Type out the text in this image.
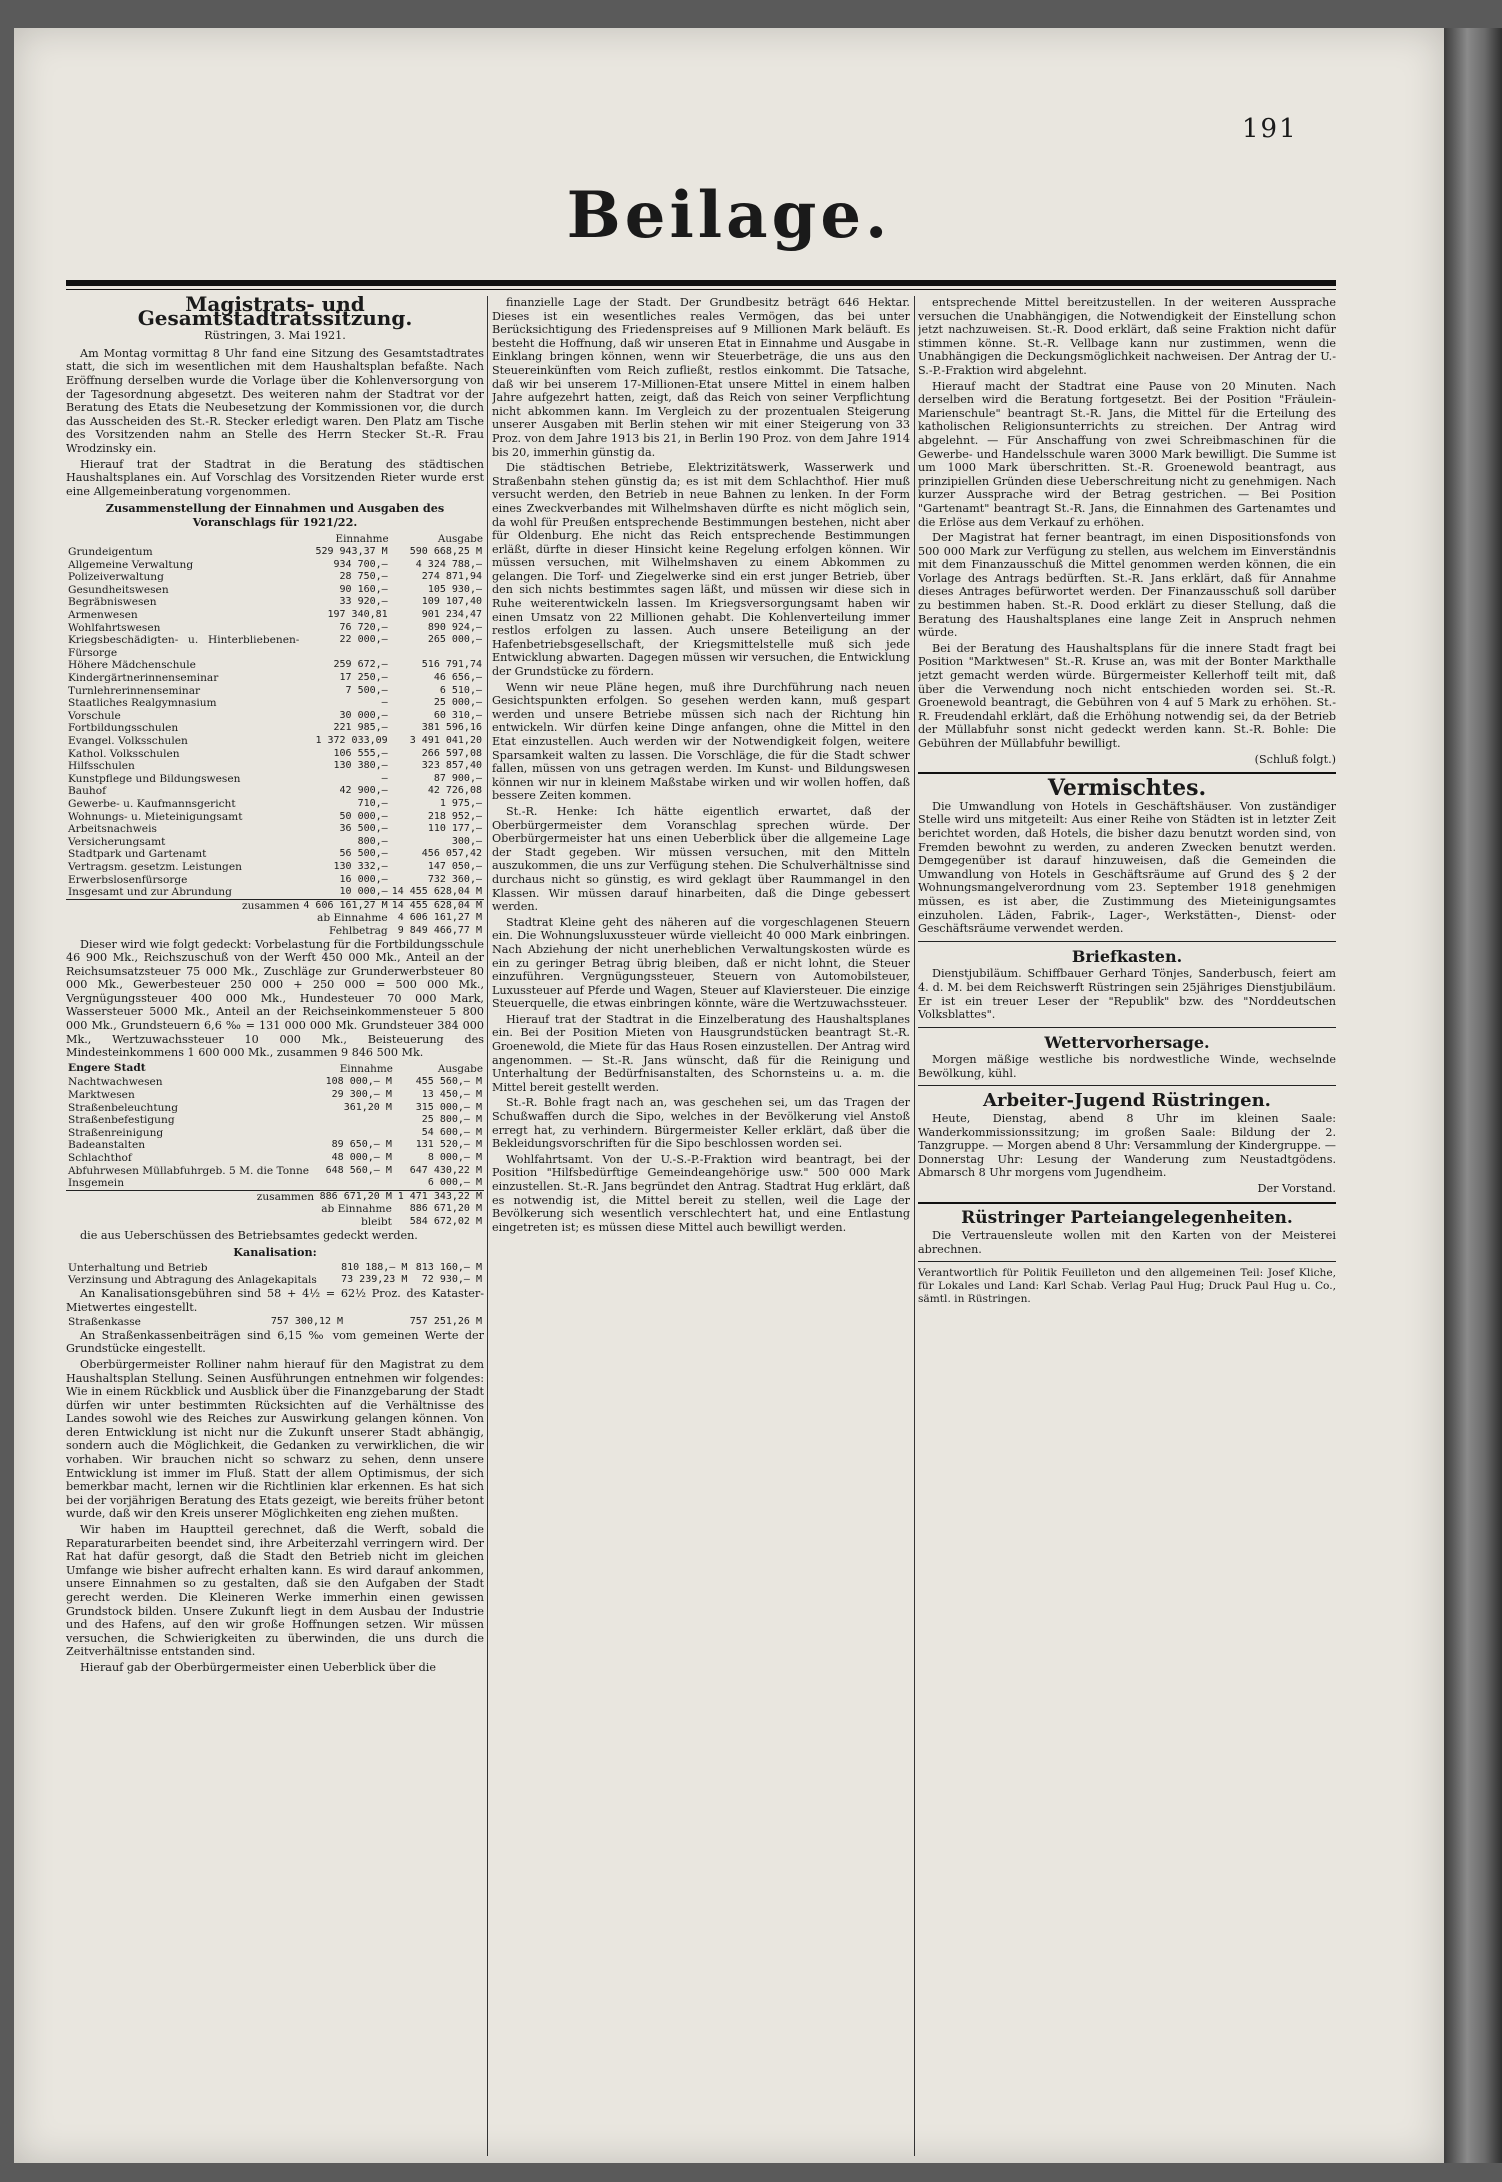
191
Beilage.
Magistrats- und Gesamtstadtratssitzung.
Rüstringen, 3. Mai 1921.

Am Montag vormittag 8 Uhr fand eine Sitzung des Gesamtstadtrates statt, die sich im wesentlichen mit dem Haushaltsplan befaßte. Nach Eröffnung derselben wurde die Vorlage über die Kohlenversorgung von der Tagesordnung abgesetzt. Des weiteren nahm der Stadtrat vor der Beratung des Etats die Neubesetzung der Kommissionen vor, die durch das Ausscheiden des St.-R. Stecker erledigt waren. Den Platz am Tische des Vorsitzenden nahm an Stelle des Herrn Stecker St.-R. Frau Wrodzinsky ein.

Hierauf trat der Stadtrat in die Beratung des städtischen Haushaltsplanes ein. Auf Vorschlag des Vorsitzenden Rieter wurde erst eine Allgemeinberatung vorgenommen.

Zusammenstellung der Einnahmen und Ausgaben des Voranschlags für 1921/22.
	Einnahme	Ausgabe
Grundeigentum	529 943,37 M	590 668,25 M
Allgemeine Verwaltung	934 700,—	4 324 788,—
Polizeiverwaltung	28 750,—	274 871,94
Gesundheitswesen	90 160,—	105 930,—
Begräbniswesen	33 920,—	109 107,40
Armenwesen	197 340,81	901 234,47
Wohlfahrtswesen	76 720,—	890 924,—
Kriegsbeschädigten- u. Hinterbliebenen-Fürsorge	22 000,—	265 000,—
Höhere Mädchenschule	259 672,—	516 791,74
Kindergärtnerinnenseminar	17 250,—	46 656,—
Turnlehrerinnenseminar	7 500,—	6 510,—
Staatliches Realgymnasium	—	25 000,—
Vorschule	30 000,—	60 310,—
Fortbildungsschulen	221 985,—	381 596,16
Evangel. Volksschulen	1 372 033,09	3 491 041,20
Kathol. Volksschulen	106 555,—	266 597,08
Hilfsschulen	130 380,—	323 857,40
Kunstpflege und Bildungswesen	—	87 900,—
Bauhof	42 900,—	42 726,08
Gewerbe- u. Kaufmannsgericht	710,—	1 975,—
Wohnungs- u. Mieteinigungsamt	50 000,—	218 952,—
Arbeitsnachweis	36 500,—	110 177,—
Versicherungsamt	800,—	300,—
Stadtpark und Gartenamt	56 500,—	456 057,42
Vertragsm. gesetzm. Leistungen	130 332,—	147 050,—
Erwerbslosenfürsorge	16 000,—	732 360,—
Insgesamt und zur Abrundung	10 000,—	14 455 628,04 M
zusammen	4 606 161,27 M	14 455 628,04 M
	ab Einnahme	4 606 161,27 M
	Fehlbetrag	9 849 466,77 M

Dieser wird wie folgt gedeckt: Vorbelastung für die Fortbildungsschule 46 900 Mk., Reichszuschuß von der Werft 450 000 Mk., Anteil an der Reichsumsatzsteuer 75 000 Mk., Zuschläge zur Grunderwerbsteuer 80 000 Mk., Gewerbesteuer 250 000 + 250 000 = 500 000 Mk., Vergnügungssteuer 400 000 Mk., Hundesteuer 70 000 Mark, Wassersteuer 5000 Mk., Anteil an der Reichseinkommensteuer 5 800 000 Mk., Grundsteuern 6,6 ‰ = 131 000 000 Mk. Grundsteuer 384 000 Mk., Wertzuwachssteuer 10 000 Mk., Beisteuerung des Mindesteinkommens 1 600 000 Mk., zusammen 9 846 500 Mk.

Engere Stadt	Einnahme	Ausgabe
Nachtwachwesen	108 000,— M	455 560,— M
Marktwesen	29 300,— M	13 450,— M
Straßenbeleuchtung	361,20 M	315 000,— M
Straßenbefestigung		25 800,— M
Straßenreinigung		54 600,— M
Badeanstalten	89 650,— M	131 520,— M
Schlachthof	48 000,— M	8 000,— M
Abfuhrwesen Müllabfuhrgeb. 5 M. die Tonne	648 560,— M	647 430,22 M
Insgemein		6 000,— M
zusammen	886 671,20 M	1 471 343,22 M
	ab Einnahme	886 671,20 M
	bleibt	584 672,02 M

die aus Ueberschüssen des Betriebsamtes gedeckt werden.

Kanalisation:
Unterhaltung und Betrieb	810 188,— M	813 160,— M
Verzinsung und Abtragung des Anlagekapitals	73 239,23 M	72 930,— M

An Kanalisationsgebühren sind 58 + 4½ = 62½ Proz. des Kataster-Mietwertes eingestellt.

Straßenkasse	757 300,12 M	757 251,26 M

An Straßenkassenbeiträgen sind 6,15 ‰ vom gemeinen Werte der Grundstücke eingestellt.

Oberbürgermeister Rolliner nahm hierauf für den Magistrat zu dem Haushaltsplan Stellung. Seinen Ausführungen entnehmen wir folgendes: Wie in einem Rückblick und Ausblick über die Finanzgebarung der Stadt dürfen wir unter bestimmten Rücksichten auf die Verhältnisse des Landes sowohl wie des Reiches zur Auswirkung gelangen können. Von deren Entwicklung ist nicht nur die Zukunft unserer Stadt abhängig, sondern auch die Möglichkeit, die Gedanken zu verwirklichen, die wir vorhaben. Wir brauchen nicht so schwarz zu sehen, denn unsere Entwicklung ist immer im Fluß. Statt der allem Optimismus, der sich bemerkbar macht, lernen wir die Richtlinien klar erkennen. Es hat sich bei der vorjährigen Beratung des Etats gezeigt, wie bereits früher betont wurde, daß wir den Kreis unserer Möglichkeiten eng ziehen mußten.

Wir haben im Hauptteil gerechnet, daß die Werft, sobald die Reparaturarbeiten beendet sind, ihre Arbeiterzahl verringern wird. Der Rat hat dafür gesorgt, daß die Stadt den Betrieb nicht im gleichen Umfange wie bisher aufrecht erhalten kann. Es wird darauf ankommen, unsere Einnahmen so zu gestalten, daß sie den Aufgaben der Stadt gerecht werden. Die Kleineren Werke immerhin einen gewissen Grundstock bilden. Unsere Zukunft liegt in dem Ausbau der Industrie und des Hafens, auf den wir große Hoffnungen setzen. Wir müssen versuchen, die Schwierigkeiten zu überwinden, die uns durch die Zeitverhältnisse entstanden sind.

Hierauf gab der Oberbürgermeister einen Ueberblick über die

finanzielle Lage der Stadt. Der Grundbesitz beträgt 646 Hektar. Dieses ist ein wesentliches reales Vermögen, das bei unter Berücksichtigung des Friedenspreises auf 9 Millionen Mark beläuft. Es besteht die Hoffnung, daß wir unseren Etat in Einnahme und Ausgabe in Einklang bringen können, wenn wir Steuerbeträge, die uns aus den Steuereinkünften vom Reich zufließt, restlos einkommt. Die Tatsache, daß wir bei unserem 17-Millionen-Etat unsere Mittel in einem halben Jahre aufgezehrt hatten, zeigt, daß das Reich von seiner Verpflichtung nicht abkommen kann. Im Vergleich zu der prozentualen Steigerung unserer Ausgaben mit Berlin stehen wir mit einer Steigerung von 33 Proz. von dem Jahre 1913 bis 21, in Berlin 190 Proz. von dem Jahre 1914 bis 20, immerhin günstig da.

Die städtischen Betriebe, Elektrizitätswerk, Wasserwerk und Straßenbahn stehen günstig da; es ist mit dem Schlachthof. Hier muß versucht werden, den Betrieb in neue Bahnen zu lenken. In der Form eines Zweckverbandes mit Wilhelmshaven dürfte es nicht möglich sein, da wohl für Preußen entsprechende Bestimmungen bestehen, nicht aber für Oldenburg. Ehe nicht das Reich entsprechende Bestimmungen erläßt, dürfte in dieser Hinsicht keine Regelung erfolgen können. Wir müssen versuchen, mit Wilhelmshaven zu einem Abkommen zu gelangen. Die Torf- und Ziegelwerke sind ein erst junger Betrieb, über den sich nichts bestimmtes sagen läßt, und müssen wir diese sich in Ruhe weiterentwickeln lassen. Im Kriegsversorgungsamt haben wir einen Umsatz von 22 Millionen gehabt. Die Kohlenverteilung immer restlos erfolgen zu lassen. Auch unsere Beteiligung an der Hafenbetriebsgesellschaft, der Kriegsmittelstelle muß sich jede Entwicklung abwarten. Dagegen müssen wir versuchen, die Entwicklung der Grundstücke zu fördern.

Wenn wir neue Pläne hegen, muß ihre Durchführung nach neuen Gesichtspunkten erfolgen. So gesehen werden kann, muß gespart werden und unsere Betriebe müssen sich nach der Richtung hin entwickeln. Wir dürfen keine Dinge anfangen, ohne die Mittel in den Etat einzustellen. Auch werden wir der Notwendigkeit folgen, weitere Sparsamkeit walten zu lassen. Die Vorschläge, die für die Stadt schwer fallen, müssen von uns getragen werden. Im Kunst- und Bildungswesen können wir nur in kleinem Maßstabe wirken und wir wollen hoffen, daß bessere Zeiten kommen.

St.-R. Henke: Ich hätte eigentlich erwartet, daß der Oberbürgermeister dem Voranschlag sprechen würde. Der Oberbürgermeister hat uns einen Ueberblick über die allgemeine Lage der Stadt gegeben. Wir müssen versuchen, mit den Mitteln auszukommen, die uns zur Verfügung stehen. Die Schulverhältnisse sind durchaus nicht so günstig, es wird geklagt über Raummangel in den Klassen. Wir müssen darauf hinarbeiten, daß die Dinge gebessert werden.

Stadtrat Kleine geht des näheren auf die vorgeschlagenen Steuern ein. Die Wohnungsluxussteuer würde vielleicht 40 000 Mark einbringen. Nach Abziehung der nicht unerheblichen Verwaltungskosten würde es ein zu geringer Betrag übrig bleiben, daß er nicht lohnt, die Steuer einzuführen. Vergnügungssteuer, Steuern von Automobilsteuer, Luxussteuer auf Pferde und Wagen, Steuer auf Klaviersteuer. Die einzige Steuerquelle, die etwas einbringen könnte, wäre die Wertzuwachssteuer.

Hierauf trat der Stadtrat in die Einzelberatung des Haushaltsplanes ein. Bei der Position Mieten von Hausgrundstücken beantragt St.-R. Groenewold, die Miete für das Haus Rosen einzustellen. Der Antrag wird angenommen. — St.-R. Jans wünscht, daß für die Reinigung und Unterhaltung der Bedürfnisanstalten, des Schornsteins u. a. m. die Mittel bereit gestellt werden.

St.-R. Bohle fragt nach an, was geschehen sei, um das Tragen der Schußwaffen durch die Sipo, welches in der Bevölkerung viel Anstoß erregt hat, zu verhindern. Bürgermeister Keller erklärt, daß über die Bekleidungsvorschriften für die Sipo beschlossen worden sei.

Wohlfahrtsamt. Von der U.-S.-P.-Fraktion wird beantragt, bei der Position "Hilfsbedürftige Gemeindeangehörige usw." 500 000 Mark einzustellen. St.-R. Jans begründet den Antrag. Stadtrat Hug erklärt, daß es notwendig ist, die Mittel bereit zu stellen, weil die Lage der Bevölkerung sich wesentlich verschlechtert hat, und eine Entlastung eingetreten ist; es müssen diese Mittel auch bewilligt werden.

entsprechende Mittel bereitzustellen. In der weiteren Aussprache versuchen die Unabhängigen, die Notwendigkeit der Einstellung schon jetzt nachzuweisen. St.-R. Dood erklärt, daß seine Fraktion nicht dafür stimmen könne. St.-R. Vellbage kann nur zustimmen, wenn die Unabhängigen die Deckungsmöglichkeit nachweisen. Der Antrag der U.-S.-P.-Fraktion wird abgelehnt.

Hierauf macht der Stadtrat eine Pause von 20 Minuten. Nach derselben wird die Beratung fortgesetzt. Bei der Position "Fräulein-Marienschule" beantragt St.-R. Jans, die Mittel für die Erteilung des katholischen Religionsunterrichts zu streichen. Der Antrag wird abgelehnt. — Für Anschaffung von zwei Schreibmaschinen für die Gewerbe- und Handelsschule waren 3000 Mark bewilligt. Die Summe ist um 1000 Mark überschritten. St.-R. Groenewold beantragt, aus prinzipiellen Gründen diese Ueberschreitung nicht zu genehmigen. Nach kurzer Aussprache wird der Betrag gestrichen. — Bei Position "Gartenamt" beantragt St.-R. Jans, die Einnahmen des Gartenamtes und die Erlöse aus dem Verkauf zu erhöhen.

Der Magistrat hat ferner beantragt, im einen Dispositionsfonds von 500 000 Mark zur Verfügung zu stellen, aus welchem im Einverständnis mit dem Finanzausschuß die Mittel genommen werden können, die ein Vorlage des Antrags bedürften. St.-R. Jans erklärt, daß für Annahme dieses Antrages befürwortet werden. Der Finanzausschuß soll darüber zu bestimmen haben. St.-R. Dood erklärt zu dieser Stellung, daß die Beratung des Haushaltsplanes eine lange Zeit in Anspruch nehmen würde.

Bei der Beratung des Haushaltsplans für die innere Stadt fragt bei Position "Marktwesen" St.-R. Kruse an, was mit der Bonter Markthalle jetzt gemacht werden würde. Bürgermeister Kellerhoff teilt mit, daß über die Verwendung noch nicht entschieden worden sei. St.-R. Groenewold beantragt, die Gebühren von 4 auf 5 Mark zu erhöhen. St.-R. Freudendahl erklärt, daß die Erhöhung notwendig sei, da der Betrieb der Müllabfuhr sonst nicht gedeckt werden kann. St.-R. Bohle: Die Gebühren der Müllabfuhr bewilligt.

(Schluß folgt.)

Vermischtes.

Die Umwandlung von Hotels in Geschäftshäuser. Von zuständiger Stelle wird uns mitgeteilt: Aus einer Reihe von Städten ist in letzter Zeit berichtet worden, daß Hotels, die bisher dazu benutzt worden sind, von Fremden bewohnt zu werden, zu anderen Zwecken benutzt werden. Demgegenüber ist darauf hinzuweisen, daß die Gemeinden die Umwandlung von Hotels in Geschäftsräume auf Grund des § 2 der Wohnungsmangelverordnung vom 23. September 1918 genehmigen müssen, es ist aber, die Zustimmung des Mieteinigungsamtes einzuholen. Läden, Fabrik-, Lager-, Werkstätten-, Dienst- oder Geschäftsräume verwendet werden.

Briefkasten.

Dienstjubiläum. Schiffbauer Gerhard Tönjes, Sanderbusch, feiert am 4. d. M. bei dem Reichswerft Rüstringen sein 25jähriges Dienstjubiläum. Er ist ein treuer Leser der "Republik" bzw. des "Norddeutschen Volksblattes".

Wettervorhersage.

Morgen mäßige westliche bis nordwestliche Winde, wechselnde Bewölkung, kühl.

Arbeiter-Jugend Rüstringen.

Heute, Dienstag, abend 8 Uhr im kleinen Saale: Wanderkommissionssitzung; im großen Saale: Bildung der 2. Tanzgruppe. — Morgen abend 8 Uhr: Versammlung der Kindergruppe. — Donnerstag Uhr: Lesung der Wanderung zum Neustadtgödens. Abmarsch 8 Uhr morgens vom Jugendheim.

Der Vorstand.
Rüstringer Parteiangelegenheiten.

Die Vertrauensleute wollen mit den Karten von der Meisterei abrechnen.

Verantwortlich für Politik Feuilleton und den allgemeinen Teil: Josef Kliche, für Lokales und Land: Karl Schab. Verlag Paul Hug; Druck Paul Hug u. Co., sämtl. in Rüstringen.
